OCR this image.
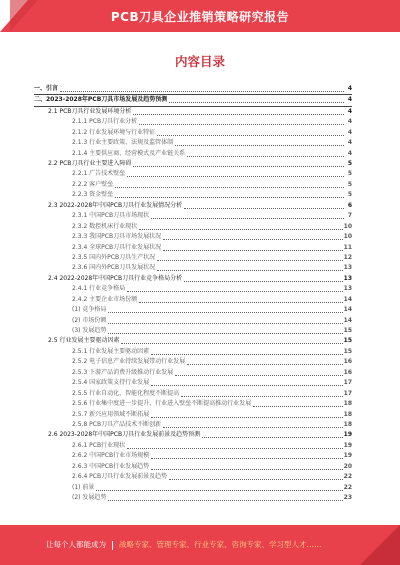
PCB刀具企业推销策略研究报告
内容目录
一、引言	4
二、2023-2028年PCB刀具市场发展及趋势预测	4
2.1 PCB刀具行业发展环境分析	4
2.1.1 PCB刀具行业分析	4
2.1.2 行业发展环境与行业特征	4
2.1.3 行业主要政策、法规及监管体制	4
2.1.4 主要供应商、经营模式及产业链关系	4
2.2 PCB刀具行业主要进入障碍	5
2.2.1 广告技术壁垒	5
2.2.2 客户壁垒	5
2.2.3 资金壁垒	5
2.3 2022-2028年中国PCB刀具行业发展情况分析	6
2.3.1 中国PCB刀具市场现状	7
2.3.2 数控机床行业现状	10
2.3.3 我国PCB刀具市场发展状况	10
2.3.4 全球PCB刀具行业发展状况	11
2.3.5 国内外PCB刀具生产状况	12
2.3.6 国内外PCB刀具发展状况	13
2.4 2022-2028年中国PCB刀具行业竞争格局分析	13
2.4.1 行业竞争格局	13
2.4.2 主要企业市场份额	14
(1) 竞争格局	14
(2) 市场份额	14
(3) 发展趋势	15
2.5 行业发展主要驱动因素	15
2.5.1 行业发展主要驱动因素	15
2.5.2 电子信息产业持续发展带动行业发展	16
2.5.3 下游产品消费升级推动行业发展	16
2.5.4 国家政策支持行业发展	17
2.5.5 行业自动化、智能化程度不断提高	17
2.5.6 行业集中度进一步提升，行业进入壁垒不断提高推动行业发展	18
2.5.7 新兴应用领域不断拓展	18
2.5.8 PCB刀具产品技术不断创新	18
2.6 2023-2028年中国PCB刀具行业发展前景及趋势预测	19
2.6.1 PCB行业现状	19
2.6.2 中国PCB行业市场规模	19
2.6.3 中国PCB行业发展趋势	20
2.6.4 PCB刀具行业发展前景及趋势	22
(1) 前景	22
(2) 发展趋势	23
让每个人都能成为 战略专家、管理专家、行业专家、咨询专家、学习型人才……
